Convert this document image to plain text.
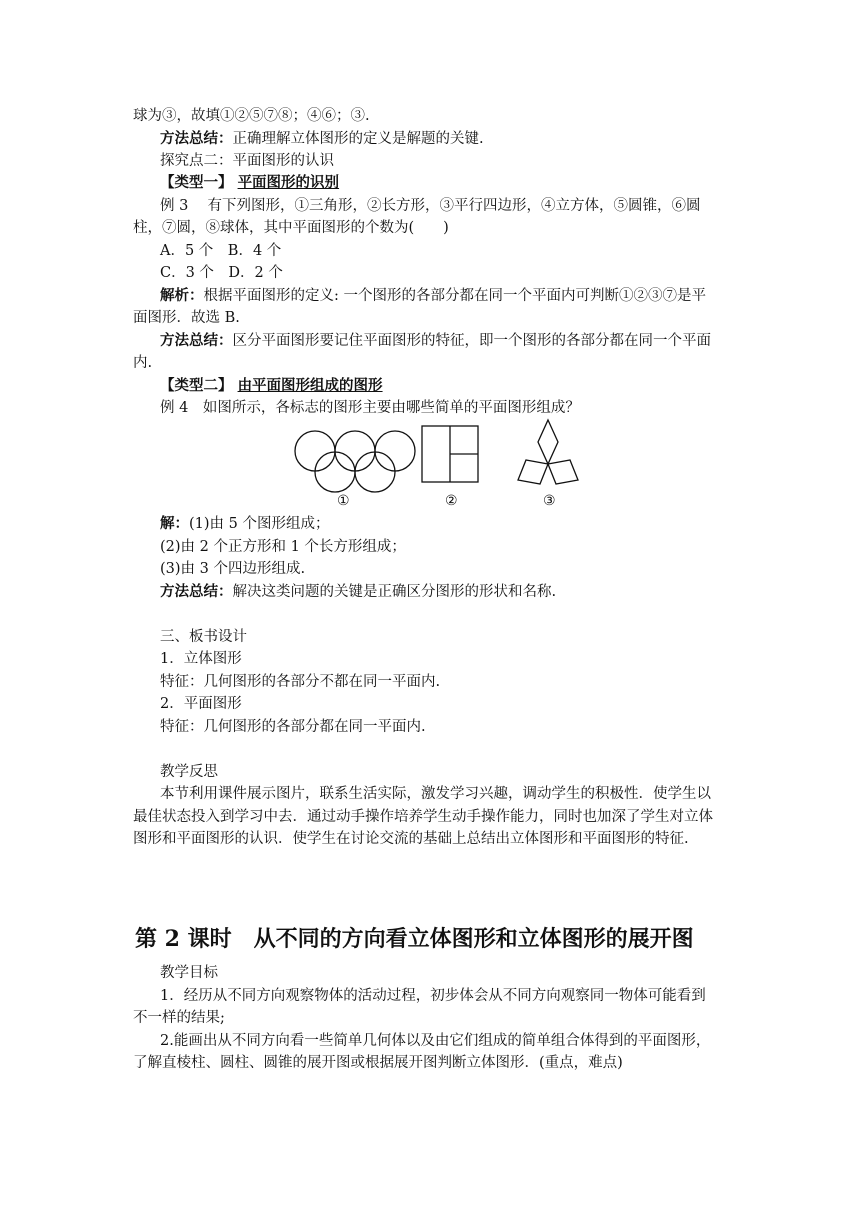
球为③，故填①②⑤⑦⑧；④⑥；③.
方法总结：正确理解立体图形的定义是解题的关键.
探究点二：平面图形的认识
【类型一】 平面图形的识别
例 3　 有下列图形，①三角形，②长方形，③平行四边形，④立方体，⑤圆锥，⑥圆
柱，⑦圆，⑧球体，其中平面图形的个数为(　　)
A．5 个　B．4 个
C．3 个　D．2 个
解析：根据平面图形的定义: 一个图形的各部分都在同一个平面内可判断①②③⑦是平
面图形．故选 B.
方法总结：区分平面图形要记住平面图形的特征，即一个图形的各部分都在同一个平面
内.
【类型二】 由平面图形组成的图形
例 4　如图所示，各标志的图形主要由哪些简单的平面图形组成？
①	②	③
解：(1)由 5 个图形组成；
(2)由 2 个正方形和 1 个长方形组成；
(3)由 3 个四边形组成.
方法总结：解决这类问题的关键是正确区分图形的形状和名称.
三、板书设计
1．立体图形
特征：几何图形的各部分不都在同一平面内.
2．平面图形
特征：几何图形的各部分都在同一平面内.
教学反思
本节利用课件展示图片，联系生活实际，激发学习兴趣，调动学生的积极性．使学生以
最佳状态投入到学习中去．通过动手操作培养学生动手操作能力，同时也加深了学生对立体
图形和平面图形的认识．使学生在讨论交流的基础上总结出立体图形和平面图形的特征.
第 2 课时　从不同的方向看立体图形和立体图形的展开图
教学目标
1．经历从不同方向观察物体的活动过程，初步体会从不同方向观察同一物体可能看到
不一样的结果;
2.能画出从不同方向看一些简单几何体以及由它们组成的简单组合体得到的平面图形，
了解直棱柱、圆柱、圆锥的展开图或根据展开图判断立体图形．(重点，难点)
